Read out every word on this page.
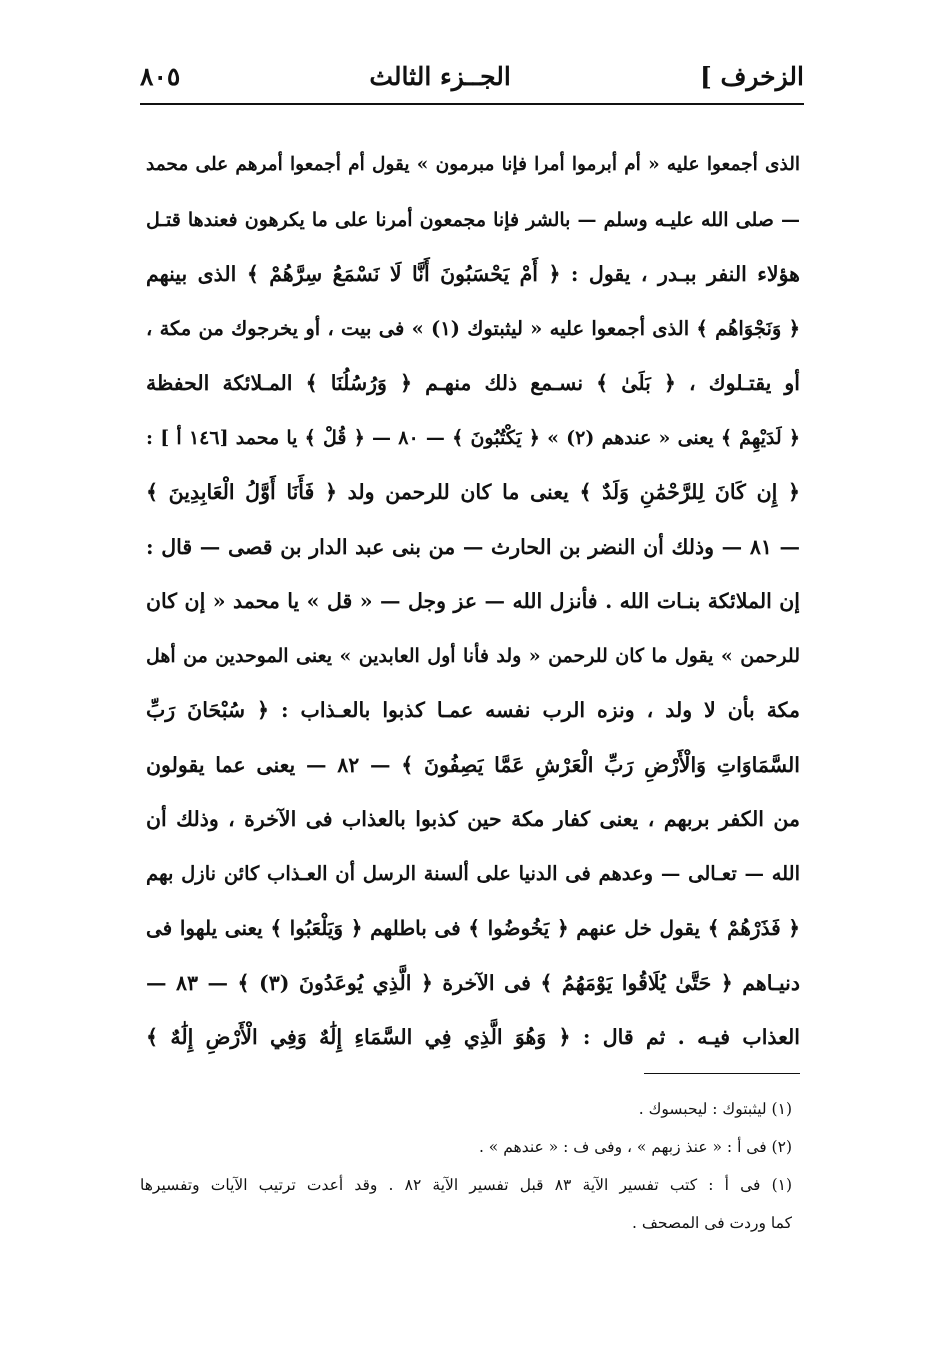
الزخرف ]
الجــزء الثالث
٨٠٥
الذى أجمعوا عليه « أم أبرموا أمرا فإنا مبرمون » يقول أم أجمعوا أمرهم على محمد
— صلى الله عليـه وسلم — بالشر فإنا مجمعون أمرنا على ما يكرهون فعندها قتـل
هؤلاء النفر ببـدر ، يقول : ﴿ أَمْ يَحْسَبُونَ أَنَّا لَا نَسْمَعُ سِرَّهُمْ ﴾ الذى بينهم
﴿ وَنَجْوَاهُم ﴾ الذى أجمعوا عليه « ليثبتوك (١) » فى بيت ، أو يخرجوك من مكة ،
أو يقتـلوك ، ﴿ بَلَىٰ ﴾ نسـمع ذلك منهـم ﴿ وَرُسُلُنَا ﴾ المـلائكة الحفظة
﴿ لَدَيْهِمْ ﴾ يعنى « عندهم (٢) » ﴿ يَكْتُبُونَ ﴾ — ٨٠ — ﴿ قُلْ ﴾ يا محمد [١٤٦ أ ] :
﴿ إِن كَانَ لِلرَّحْمَٰنِ وَلَدٌ ﴾ يعنى ما كان للرحمن ولد ﴿ فَأَنَا أَوَّلُ الْعَابِدِينَ ﴾
— ٨١ — وذلك أن النضر بن الحارث — من بنى عبد الدار بن قصى — قال :
إن الملائكة بنـات الله . فأنزل الله — عز وجل — « قل » يا محمد « إن كان
للرحمن » يقول ما كان للرحمن « ولد فأنا أول العابدين » يعنى الموحدين من أهل
مكة بأن لا ولد ، ونزه الرب نفسه عمـا كذبوا بالعـذاب : ﴿ سُبْحَانَ رَبِّ
السَّمَاوَاتِ وَالْأَرْضِ رَبِّ الْعَرْشِ عَمَّا يَصِفُونَ ﴾ — ٨٢ — يعنى عما يقولون
من الكفر بربهم ، يعنى كفار مكة حين كذبوا بالعذاب فى الآخرة ، وذلك أن
الله — تعـالى — وعدهم فى الدنيا على ألسنة الرسل أن العـذاب كائن نازل بهم
﴿ فَذَرْهُمْ ﴾ يقول خل عنهم ﴿ يَخُوضُوا ﴾ فى باطلهم ﴿ وَيَلْعَبُوا ﴾ يعنى يلهوا فى
دنيـاهم ﴿ حَتَّىٰ يُلَاقُوا يَوْمَهُمُ ﴾ فى الآخرة ﴿ الَّذِي يُوعَدُونَ (٣) ﴾ — ٨٣ —
العذاب فيـه . ثم قال : ﴿ وَهُوَ الَّذِي فِي السَّمَاءِ إِلَٰهٌ وَفِي الْأَرْضِ إِلَٰهٌ ﴾
(١) ليثبتوك : ليحبسوك .
(٢) فى أ : « عنذ زبهم » ، وفى ف : « عندهم » .
(١) فى أ : كتب تفسير الآية ٨٣ قبل تفسير الآية ٨٢ . وقد أعدت ترتيب الآيات وتفسيرها
كما وردت فى المصحف .
